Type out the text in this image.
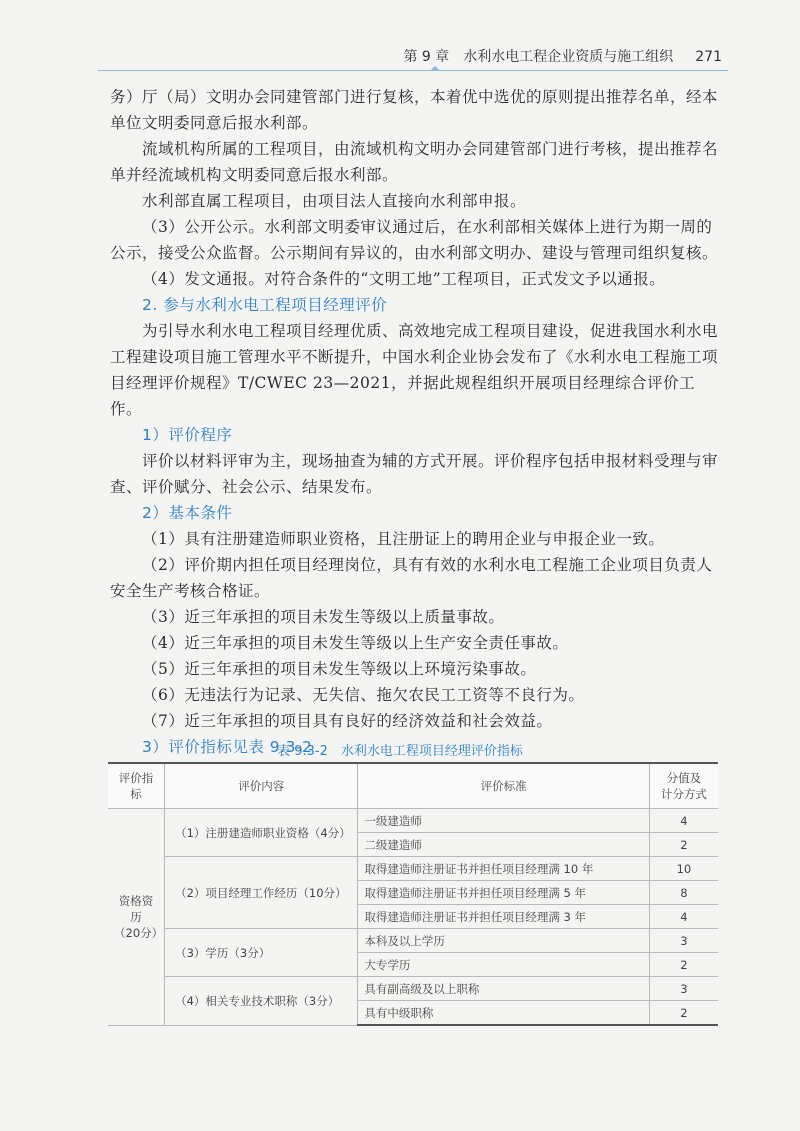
第 9 章　水利水电工程企业资质与施工组织 271

务）厅（局）文明办会同建管部门进行复核，本着优中选优的原则提出推荐名单，经本单位文明委同意后报水利部。

流域机构所属的工程项目，由流域机构文明办会同建管部门进行考核，提出推荐名单并经流域机构文明委同意后报水利部。

水利部直属工程项目，由项目法人直接向水利部申报。

（3）公开公示。水利部文明委审议通过后，在水利部相关媒体上进行为期一周的公示，接受公众监督。公示期间有异议的，由水利部文明办、建设与管理司组织复核。

（4）发文通报。对符合条件的“文明工地”工程项目，正式发文予以通报。

2. 参与水利水电工程项目经理评价

为引导水利水电工程项目经理优质、高效地完成工程项目建设，促进我国水利水电工程建设项目施工管理水平不断提升，中国水利企业协会发布了《水利水电工程施工项目经理评价规程》T/CWEC 23—2021，并据此规程组织开展项目经理综合评价工作。

1）评价程序

评价以材料评审为主，现场抽查为辅的方式开展。评价程序包括申报材料受理与审查、评价赋分、社会公示、结果发布。

2）基本条件

（1）具有注册建造师职业资格，且注册证上的聘用企业与申报企业一致。

（2）评价期内担任项目经理岗位，具有有效的水利水电工程施工企业项目负责人安全生产考核合格证。

（3）近三年承担的项目未发生等级以上质量事故。

（4）近三年承担的项目未发生等级以上生产安全责任事故。

（5）近三年承担的项目未发生等级以上环境污染事故。

（6）无违法行为记录、无失信、拖欠农民工工资等不良行为。

（7）近三年承担的项目具有良好的经济效益和社会效益。

3）评价指标见表 9.3-2
表 9.3-2　水利水电工程项目经理评价指标
评价指标	评价内容	评价标准	分值及
计分方式
资格资历
（20分）	（1）注册建造师职业资格（4分）	一级建造师	4
		二级建造师	2
	（2）项目经理工作经历（10分）	取得建造师注册证书并担任项目经理满 10 年	10
		取得建造师注册证书并担任项目经理满 5 年	8
		取得建造师注册证书并担任项目经理满 3 年	4
	（3）学历（3分）	本科及以上学历	3
		大专学历	2
	（4）相关专业技术职称（3分）	具有副高级及以上职称	3
		具有中级职称	2
